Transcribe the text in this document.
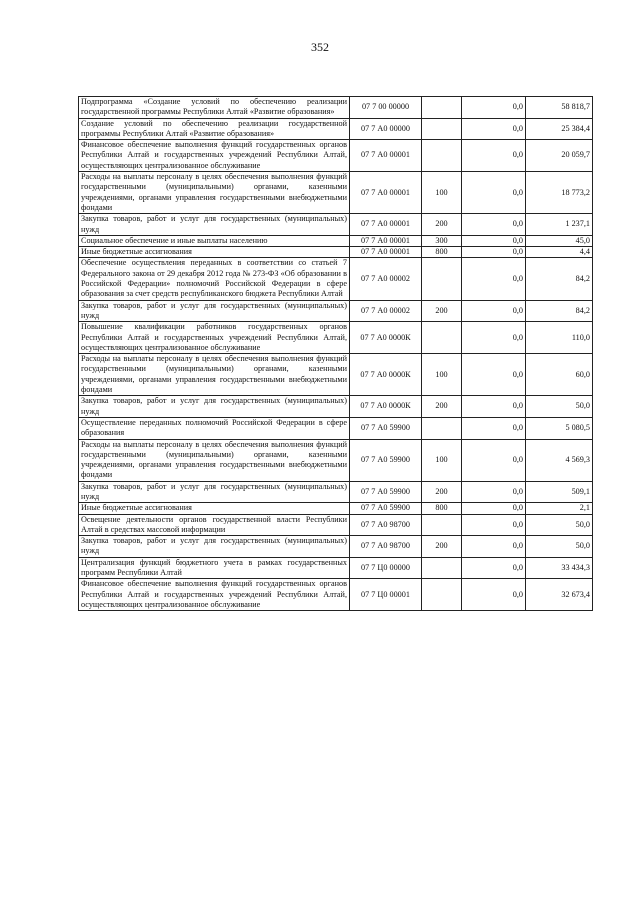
352
Подпрограмма «Создание условий по обеспечению реализации государственной программы Республики Алтай «Развитие образования»	07 7 00 00000		0,0	58 818,7
Создание условий по обеспечению реализации государственной программы Республики Алтай «Развитие образования»	07 7 А0 00000		0,0	25 384,4
Финансовое обеспечение выполнения функций государственных органов Республики Алтай и государственных учреждений Республики Алтай, осуществляющих централизованное обслуживание	07 7 А0 00001		0,0	20 059,7
Расходы на выплаты персоналу в целях обеспечения выполнения функций государственными (муниципальными) органами, казенными учреждениями, органами управления государственными внебюджетными фондами	07 7 А0 00001	100	0,0	18 773,2
Закупка товаров, работ и услуг для государственных (муниципальных) нужд	07 7 А0 00001	200	0,0	1 237,1
Социальное обеспечение и иные выплаты населению	07 7 А0 00001	300	0,0	45,0
Иные бюджетные ассигнования	07 7 А0 00001	800	0,0	4,4
Обеспечение осуществления переданных в соответствии со статьей 7 Федерального закона от 29 декабря 2012 года № 273-ФЗ «Об образовании в Российской Федерации» полномочий Российской Федерации в сфере образования за счет средств республиканского бюджета Республики Алтай	07 7 А0 00002		0,0	84,2
Закупка товаров, работ и услуг для государственных (муниципальных) нужд	07 7 А0 00002	200	0,0	84,2
Повышение квалификации работников государственных органов Республики Алтай и государственных учреждений Республики Алтай, осуществляющих централизованное обслуживание	07 7 А0 0000К		0,0	110,0
Расходы на выплаты персоналу в целях обеспечения выполнения функций государственными (муниципальными) органами, казенными учреждениями, органами управления государственными внебюджетными фондами	07 7 А0 0000К	100	0,0	60,0
Закупка товаров, работ и услуг для государственных (муниципальных) нужд	07 7 А0 0000К	200	0,0	50,0
Осуществление переданных полномочий Российской Федерации в сфере образования	07 7 А0 59900		0,0	5 080,5
Расходы на выплаты персоналу в целях обеспечения выполнения функций государственными (муниципальными) органами, казенными учреждениями, органами управления государственными внебюджетными фондами	07 7 А0 59900	100	0,0	4 569,3
Закупка товаров, работ и услуг для государственных (муниципальных) нужд	07 7 А0 59900	200	0,0	509,1
Иные бюджетные ассигнования	07 7 А0 59900	800	0,0	2,1
Освещение деятельности органов государственной власти Республики Алтай в средствах массовой информации	07 7 А0 98700		0,0	50,0
Закупка товаров, работ и услуг для государственных (муниципальных) нужд	07 7 А0 98700	200	0,0	50,0
Централизация функций бюджетного учета в рамках государственных программ Республики Алтай	07 7 Ц0 00000		0,0	33 434,3
Финансовое обеспечение выполнения функций государственных органов Республики Алтай и государственных учреждений Республики Алтай, осуществляющих централизованное обслуживание	07 7 Ц0 00001		0,0	32 673,4
